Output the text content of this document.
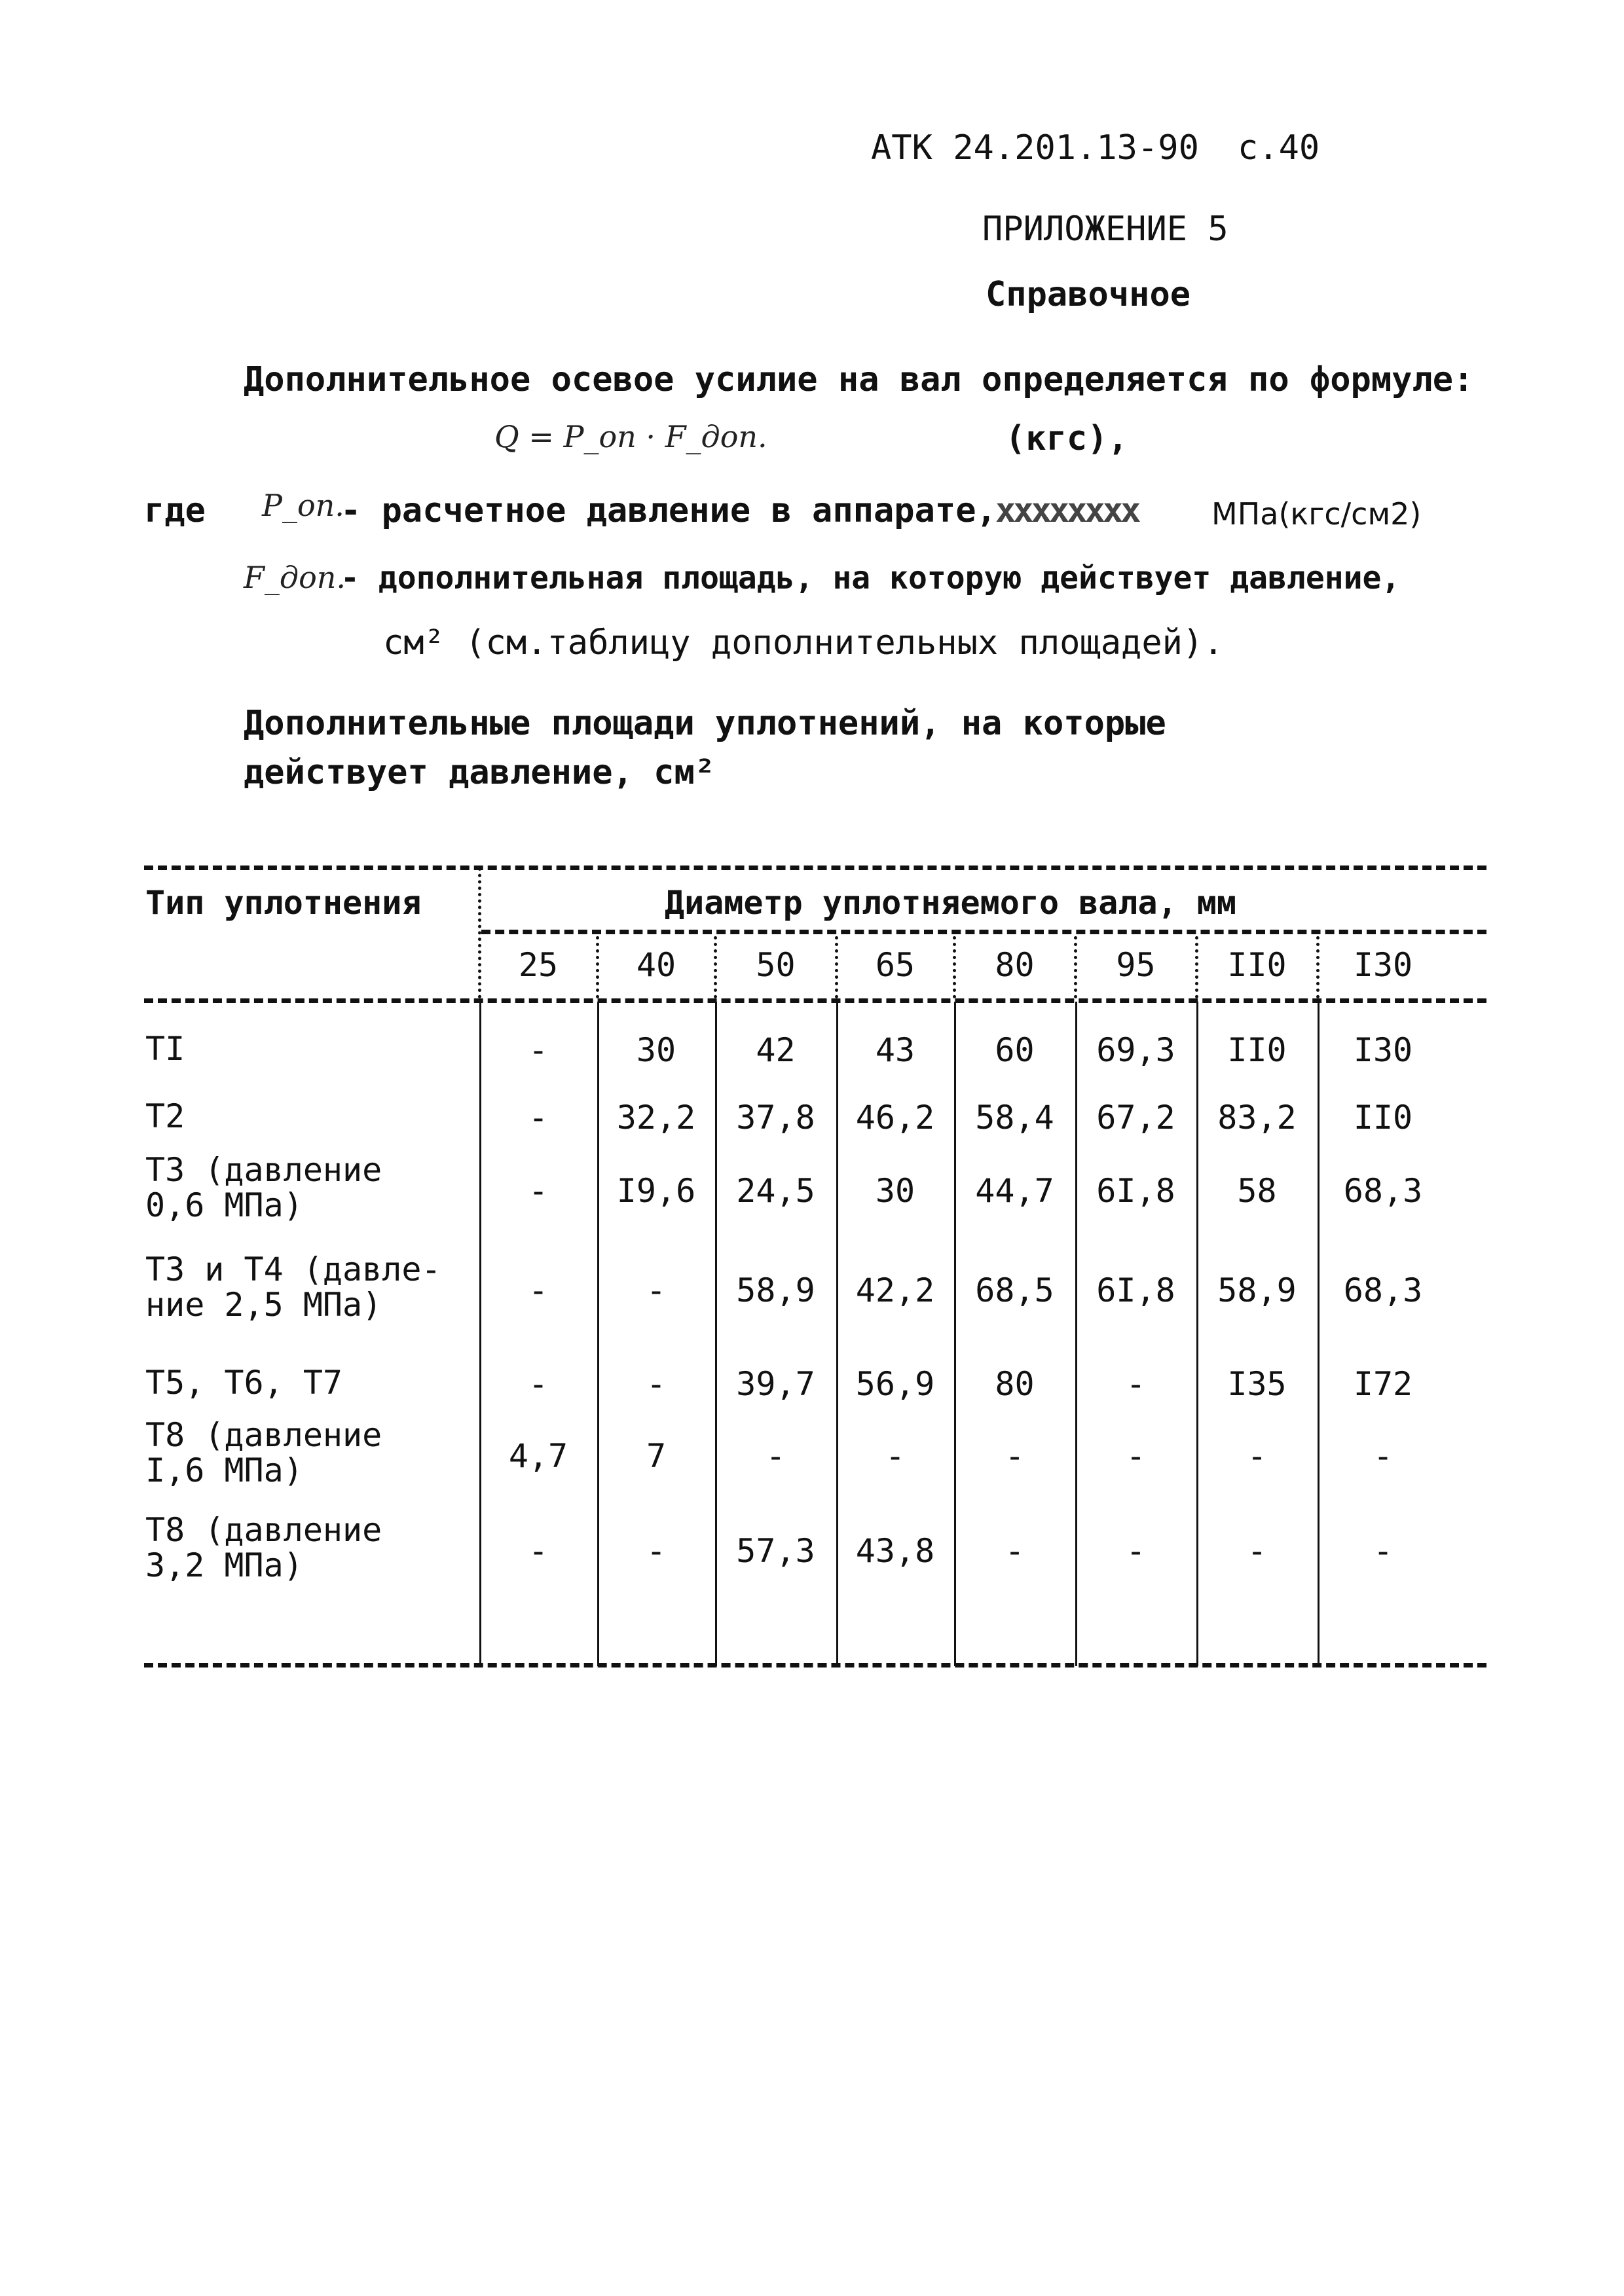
АТК 24.201.13-90 с.40
ПРИЛОЖЕНИЕ 5
Справочное
Дополнительное осевое усилие на вал определяется по формуле:
Q = P_оп · F_доп.	(кгс),
где P_оп.
- расчетное давление в аппарате,
xxxxxxxx МПа(кгс/см2)
F_доп.
- дополнительная площадь, на которую действует давление,
см² (см.таблицу дополнительных площадей).
Дополнительные площади уплотнений, на которые
действует давление, см²
Тип уплотнения	Диаметр уплотняемого вала, мм
25	40	50	65	80	95	II0	I30
TI	-	30	42	43	60	69,3	II0	I30
T2	-	32,2	37,8	46,2	58,4	67,2	83,2	II0
T3 (давление
0,6 МПа)	-	I9,6	24,5	30	44,7	6I,8	58	68,3
T3 и T4 (давле-
ние 2,5 МПа)	-	-	58,9	42,2	68,5	6I,8	58,9	68,3
T5, T6, T7	-	-	39,7	56,9	80	-	I35	I72
T8 (давление
I,6 МПа)	4,7	7	-	-	-	-	-	-
T8 (давление
3,2 МПа)	-	-	57,3	43,8	-	-	-	-
